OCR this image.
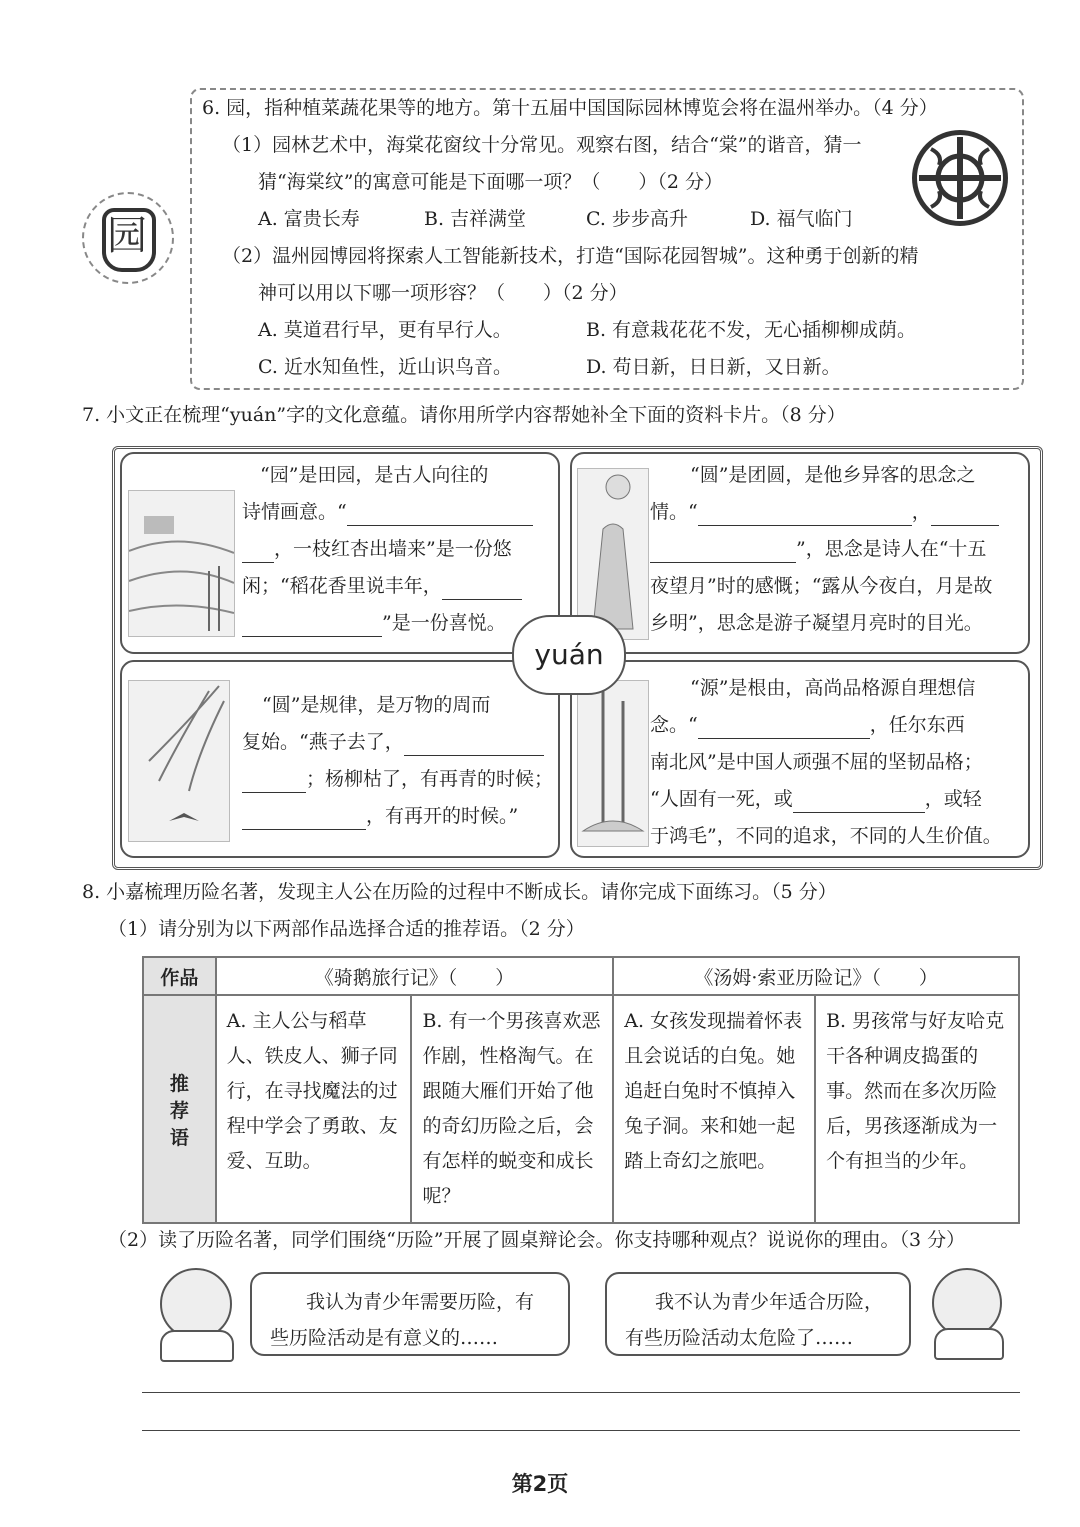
园
6. 园，指种植菜蔬花果等的地方。第十五届中国国际园林博览会将在温州举办。（4 分）
（1）园林艺术中，海棠花窗纹十分常见。观察右图，结合“棠”的谐音，猜一
猜“海棠纹”的寓意可能是下面哪一项？（　　）（2 分）
A. 富贵长寿	B. 吉祥满堂	C. 步步高升	D. 福气临门
（2）温州园博园将探索人工智能新技术，打造“国际花园智城”。这种勇于创新的精
神可以用以下哪一项形容？（　　）（2 分）
A. 莫道君行早，更有早行人。	B. 有意栽花花不发，无心插柳柳成荫。
C. 近水知鱼性，近山识鸟音。	D. 苟日新，日日新，又日新。
7. 小文正在梳理“yuán”字的文化意蕴。请你用所学内容帮她补全下面的资料卡片。（8 分）
“园”是田园，是古人向往的
诗情画意。“
，一枝红杏出墙来”是一份悠
闲；“稻花香里说丰年，
”是一份喜悦。
“圆”是团圆，是他乡异客的思念之
情。“	，
”，思念是诗人在“十五
夜望月”时的感慨；“露从今夜白，月是故
乡明”，思念是游子凝望月亮时的目光。
“圆”是规律，是万物的周而
复始。“燕子去了，
；杨柳枯了，有再青的时候；
，有再开的时候。”
“源”是根由，高尚品格源自理想信
念。“	，任尔东西
南北风”是中国人顽强不屈的坚韧品格；
“人固有一死，或	，或轻
于鸿毛”，不同的追求，不同的人生价值。
yuán
8. 小嘉梳理历险名著，发现主人公在历险的过程中不断成长。请你完成下面练习。（5 分）
（1）请分别为以下两部作品选择合适的推荐语。（2 分）
作品	《骑鹅旅行记》（　　）		《汤姆·索亚历险记》（　　）	
推荐语	A. 主人公与稻草人、铁皮人、狮子同行，在寻找魔法的过程中学会了勇敢、友爱、互助。	B. 有一个男孩喜欢恶作剧，性格淘气。在跟随大雁们开始了他的奇幻历险之后，会有怎样的蜕变和成长呢？	A. 女孩发现揣着怀表且会说话的白兔。她追赶白兔时不慎掉入兔子洞。来和她一起踏上奇幻之旅吧。	B. 男孩常与好友哈克干各种调皮捣蛋的事。然而在多次历险后，男孩逐渐成为一个有担当的少年。
（2）读了历险名著，同学们围绕“历险”开展了圆桌辩论会。你支持哪种观点？说说你的理由。（3 分）
我认为青少年需要历险，有
些历险活动是有意义的……
我不认为青少年适合历险，
有些历险活动太危险了……
第2页
